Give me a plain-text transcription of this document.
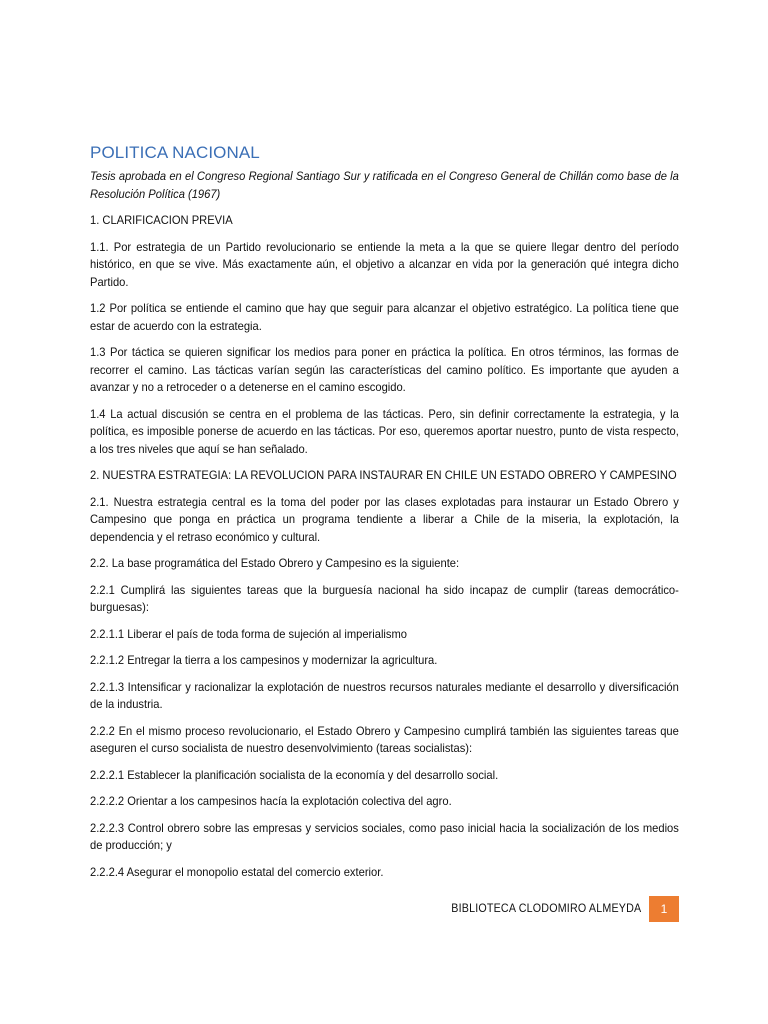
POLITICA NACIONAL

Tesis aprobada en el Congreso Regional Santiago Sur y ratificada en el Congreso General de Chillán como base de la Resolución Política (1967)

1. CLARIFICACION PREVIA

1.1. Por estrategia de un Partido revolucionario se entiende la meta a la que se quiere llegar dentro del período histórico, en que se vive. Más exactamente aún, el objetivo a alcanzar en vida por la generación qué integra dicho Partido.

1.2 Por política se entiende el camino que hay que seguir para alcanzar el objetivo estratégico. La política tiene que estar de acuerdo con la estrategia.

1.3 Por táctica se quieren significar los medios para poner en práctica la política. En otros términos, las formas de recorrer el camino. Las tácticas varían según las características del camino político. Es importante que ayuden a avanzar y no a retroceder o a detenerse en el camino escogido.

1.4 La actual discusión se centra en el problema de las tácticas. Pero, sin definir correctamente la estrategia, y la política, es imposible ponerse de acuerdo en las tácticas. Por eso, queremos aportar nuestro, punto de vista respecto, a los tres niveles que aquí se han señalado.

2. NUESTRA ESTRATEGIA: LA REVOLUCION PARA INSTAURAR EN CHILE UN ESTADO OBRERO Y CAMPESINO

2.1. Nuestra estrategia central es la toma del poder por las clases explotadas para instaurar un Estado Obrero y Campesino que ponga en práctica un programa tendiente a liberar a Chile de la miseria, la explotación, la dependencia y el retraso económico y cultural.

2.2. La base programática del Estado Obrero y Campesino es la siguiente:

2.2.1 Cumplirá las siguientes tareas que la burguesía nacional ha sido incapaz de cumplir (tareas democrático-burguesas):

2.2.1.1 Liberar el país de toda forma de sujeción al imperialismo

2.2.1.2 Entregar la tierra a los campesinos y modernizar la agricultura.

2.2.1.3 Intensificar y racionalizar la explotación de nuestros recursos naturales mediante el desarrollo y diversificación de la industria.

2.2.2 En el mismo proceso revolucionario, el Estado Obrero y Campesino cumplirá también las siguientes tareas que aseguren el curso socialista de nuestro desenvolvimiento (tareas socialistas):

2.2.2.1 Establecer la planificación socialista de la economía y del desarrollo social.

2.2.2.2 Orientar a los campesinos hacía la explotación colectiva del agro.

2.2.2.3 Control obrero sobre las empresas y servicios sociales, como paso inicial hacia la socialización de los medios de producción; y

2.2.2.4 Asegurar el monopolio estatal del comercio exterior.

BIBLIOTECA CLODOMIRO ALMEYDA	1
